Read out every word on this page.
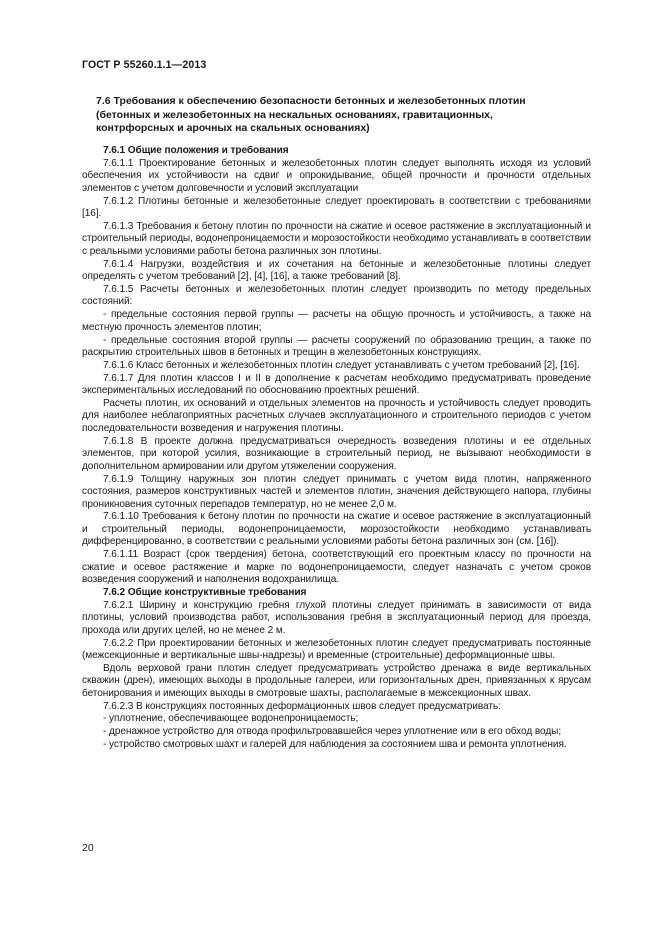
ГОСТ Р 55260.1.1—2013

7.6 Требования к обеспечению безопасности бетонных и железобетонных плотин (бетонных и железобетонных на нескальных основаниях, гравитационных, контрфорсных и арочных на скальных основаниях)

7.6.1 Общие положения и требования

7.6.1.1 Проектирование бетонных и железобетонных плотин следует выполнять исходя из условий обеспечения их устойчивости на сдвиг и опрокидывание, общей прочности и прочности отдельных элементов с учетом долговечности и условий эксплуатации

7.6.1.2 Плотины бетонные и железобетонные следует проектировать в соответствии с требованиями [16].

7.6.1.3 Требования к бетону плотин по прочности на сжатие и осевое растяжение в эксплуатационный и строительный периоды, водонепроницаемости и морозостойкости необходимо устанавливать в соответствии с реальными условиями работы бетона различных зон плотины.

7.6.1.4 Нагрузки, воздействия и их сочетания на бетонные и железобетонные плотины следует определять с учетом требований [2], [4], [16], а также требований [8].

7.6.1.5 Расчеты бетонных и железобетонных плотин следует производить по методу предельных состояний:

- предельные состояния первой группы — расчеты на общую прочность и устойчивость, а также на местную прочность элементов плотин;

- предельные состояния второй группы — расчеты сооружений по образованию трещин, а также по раскрытию строительных швов в бетонных и трещин в железобетонных конструкциях.

7.6.1.6 Класс бетонных и железобетонных плотин следует устанавливать с учетом требований [2], [16].

7.6.1.7 Для плотин классов I и II в дополнение к расчетам необходимо предусматривать проведение экспериментальных исследований по обоснованию проектных решений.

Расчеты плотин, их оснований и отдельных элементов на прочность и устойчивость следует проводить для наиболее неблагоприятных расчетных случаев эксплуатационного и строительного периодов с учетом последовательности возведения и нагружения плотины.

7.6.1.8 В проекте должна предусматриваться очередность возведения плотины и ее отдельных элементов, при которой усилия, возникающие в строительный период, не вызывают необходимости в дополнительном армировании или другом утяжелении сооружения.

7.6.1.9 Толщину наружных зон плотин следует принимать с учетом вида плотин, напряженного состояния, размеров конструктивных частей и элементов плотин, значения действующего напора, глубины проникновения суточных перепадов температур, но не менее 2,0 м.

7.6.1.10 Требования к бетону плотин по прочности на сжатие и осевое растяжение в эксплуатационный и строительный периоды, водонепроницаемости, морозостойкости необходимо устанавливать дифференцированно, в соответствии с реальными условиями работы бетона различных зон (см. [16]).

7.6.1.11 Возраст (срок твердения) бетона, соответствующий его проектным классу по прочности на сжатие и осевое растяжение и марке по водонепроницаемости, следует назначать с учетом сроков возведения сооружений и наполнения водохранилища.

7.6.2 Общие конструктивные требования

7.6.2.1 Ширину и конструкцию гребня глухой плотины следует принимать в зависимости от вида плотины, условий производства работ, использования гребня в эксплуатационный период для проезда, прохода или других целей, но не менее 2 м.

7.6.2.2 При проектировании бетонных и железобетонных плотин следует предусматривать постоянные (межсекционные и вертикальные швы-надрезы) и временные (строительные) деформационные швы.

Вдоль верховой грани плотин следует предусматривать устройство дренажа в виде вертикальных скважин (дрен), имеющих выходы в продольные галереи, или горизонтальных дрен, привязанных к ярусам бетонирования и имеющих выходы в смотровые шахты, располагаемые в межсекционных швах.

7.6.2.3 В конструкциях постоянных деформационных швов следует предусматривать:

- уплотнение, обеспечивающее водонепроницаемость;

- дренажное устройство для отвода профильтровавшейся через уплотнение или в его обход воды;

- устройство смотровых шахт и галерей для наблюдения за состоянием шва и ремонта уплотнения.

20
